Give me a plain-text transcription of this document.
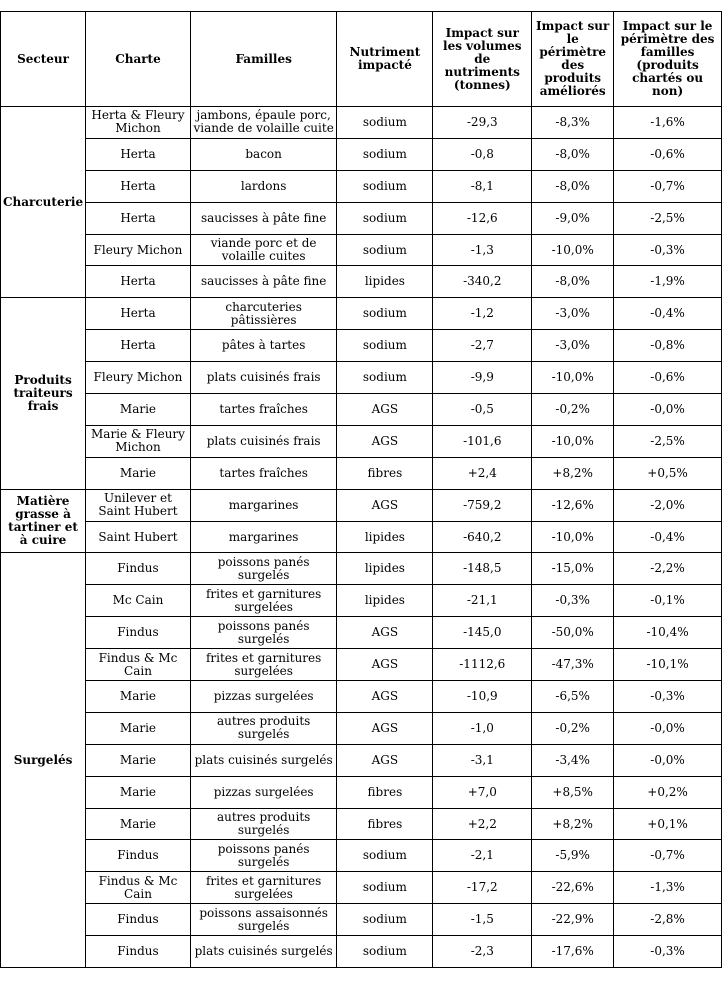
Secteur	Charte	Familles	Nutriment impacté	Impact sur les volumes de nutriments (tonnes)	Impact sur le périmètre des produits améliorés	Impact sur le périmètre des familles (produits chartés ou non)
Charcuterie	Herta & Fleury Michon	jambons, épaule porc, viande de volaille cuite	sodium	-29,3	-8,3%	-1,6%
	Herta	bacon	sodium	-0,8	-8,0%	-0,6%
	Herta	lardons	sodium	-8,1	-8,0%	-0,7%
	Herta	saucisses à pâte fine	sodium	-12,6	-9,0%	-2,5%
	Fleury Michon	viande porc et de volaille cuites	sodium	-1,3	-10,0%	-0,3%
	Herta	saucisses à pâte fine	lipides	-340,2	-8,0%	-1,9%
Produits traiteurs frais	Herta	charcuteries pâtissières	sodium	-1,2	-3,0%	-0,4%
	Herta	pâtes à tartes	sodium	-2,7	-3,0%	-0,8%
	Fleury Michon	plats cuisinés frais	sodium	-9,9	-10,0%	-0,6%
	Marie	tartes fraîches	AGS	-0,5	-0,2%	-0,0%
	Marie & Fleury Michon	plats cuisinés frais	AGS	-101,6	-10,0%	-2,5%
	Marie	tartes fraîches	fibres	+2,4	+8,2%	+0,5%
Matière grasse à tartiner et à cuire	Unilever et Saint Hubert	margarines	AGS	-759,2	-12,6%	-2,0%
	Saint Hubert	margarines	lipides	-640,2	-10,0%	-0,4%
Surgelés	Findus	poissons panés surgelés	lipides	-148,5	-15,0%	-2,2%
	Mc Cain	frites et garnitures surgelées	lipides	-21,1	-0,3%	-0,1%
	Findus	poissons panés surgelés	AGS	-145,0	-50,0%	-10,4%
	Findus & Mc Cain	frites et garnitures surgelées	AGS	-1112,6	-47,3%	-10,1%
	Marie	pizzas surgelées	AGS	-10,9	-6,5%	-0,3%
	Marie	autres produits surgelés	AGS	-1,0	-0,2%	-0,0%
	Marie	plats cuisinés surgelés	AGS	-3,1	-3,4%	-0,0%
	Marie	pizzas surgelées	fibres	+7,0	+8,5%	+0,2%
	Marie	autres produits surgelés	fibres	+2,2	+8,2%	+0,1%
	Findus	poissons panés surgelés	sodium	-2,1	-5,9%	-0,7%
	Findus & Mc Cain	frites et garnitures surgelées	sodium	-17,2	-22,6%	-1,3%
	Findus	poissons assaisonnés surgelés	sodium	-1,5	-22,9%	-2,8%
	Findus	plats cuisinés surgelés	sodium	-2,3	-17,6%	-0,3%
